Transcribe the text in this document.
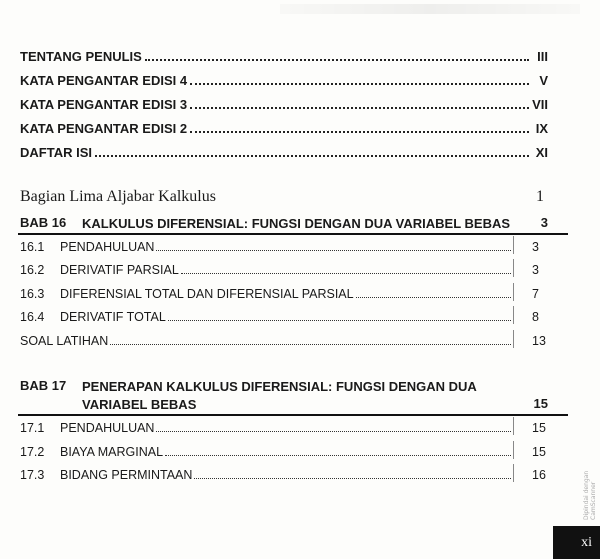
TENTANG PENULIS	III
KATA PENGANTAR EDISI 4	V
KATA PENGANTAR EDISI 3	VII
KATA PENGANTAR EDISI 2	IX
DAFTAR ISI	XI
Bagian Lima Aljabar Kalkulus	1
BAB 16 KALKULUS DIFERENSIAL: FUNGSI DENGAN DUA VARIABEL BEBAS	3
16.1	PENDAHULUAN	3
16.2	DERIVATIF PARSIAL	3
16.3	DIFERENSIAL TOTAL DAN DIFERENSIAL PARSIAL	7
16.4	DERIVATIF TOTAL	8
SOAL LATIHAN	13
BAB 17 PENERAPAN KALKULUS DIFERENSIAL: FUNGSI DENGAN DUA
VARIABEL BEBAS	15
17.1	PENDAHULUAN	15
17.2	BIAYA MARGINAL	15
17.3	BIDANG PERMINTAAN	16	Dipindai dengan CamScanner
xi
